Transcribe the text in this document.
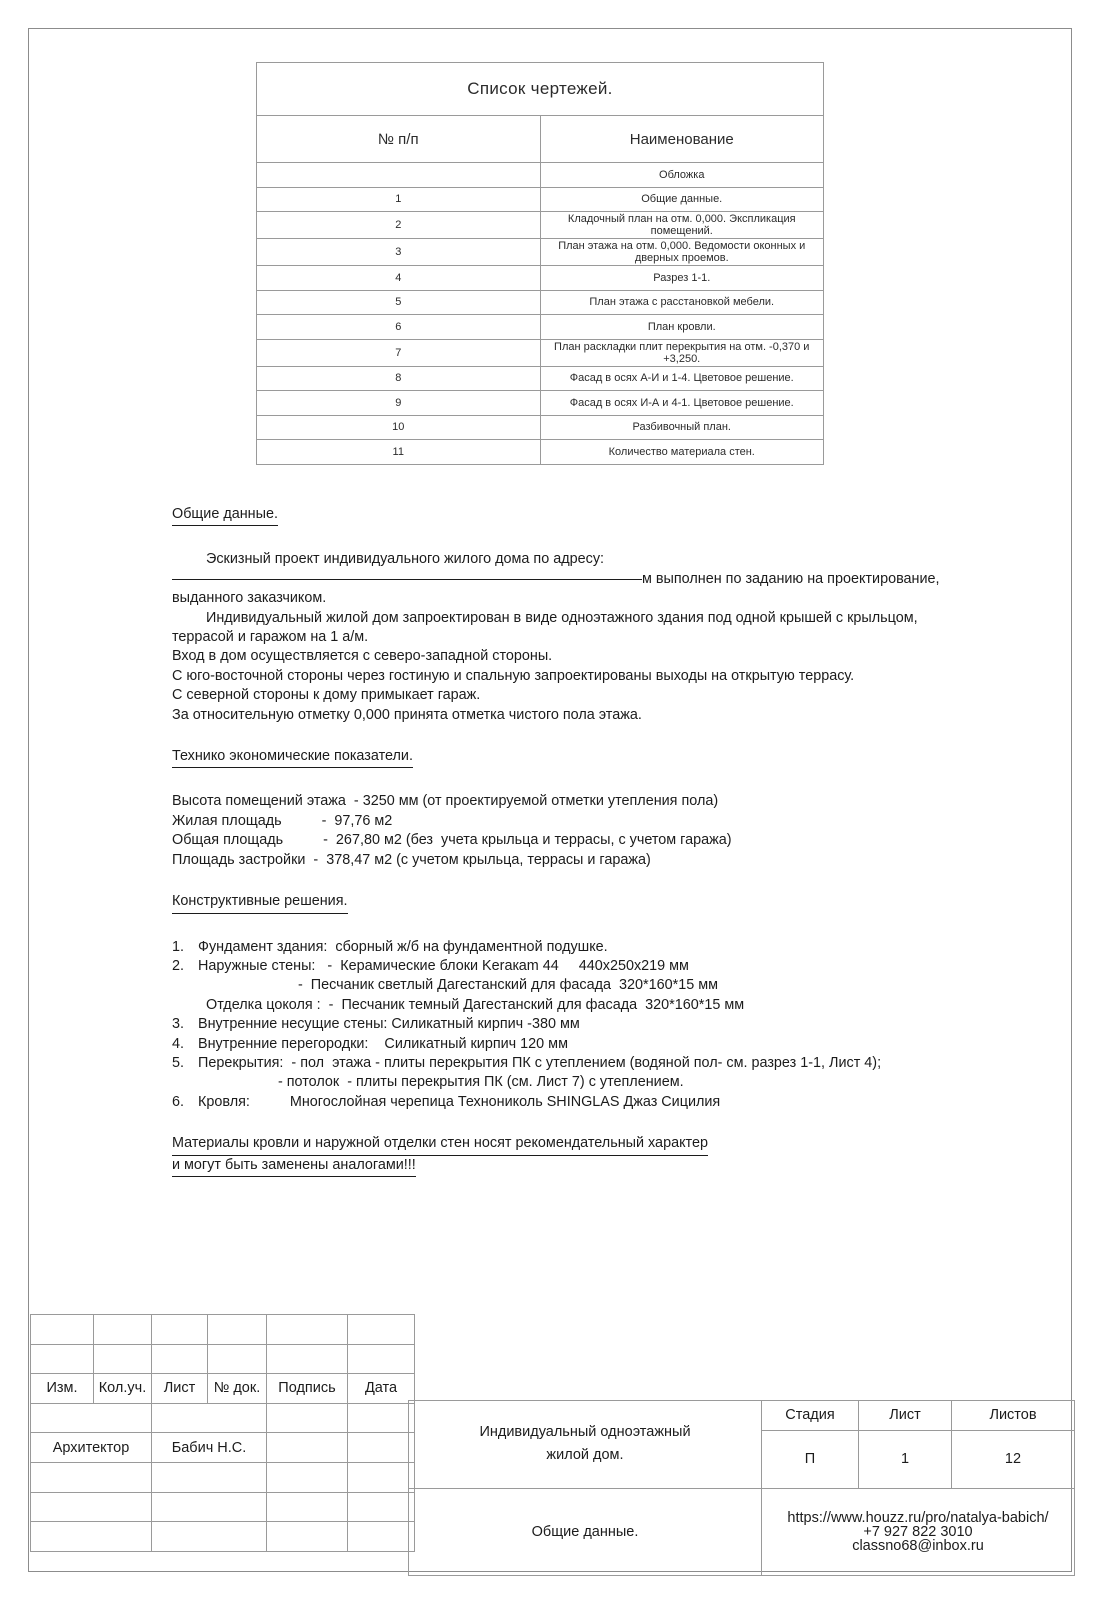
Список чертежей.	
№ п/п	Наименование
	Обложка
1	Общие данные.
2	Кладочный план на отм. 0,000. Экспликация помещений.
3	План этажа на отм. 0,000. Ведомости оконных и дверных проемов.
4	Разрез 1-1.
5	План этажа с расстановкой мебели.
6	План кровли.
7	План раскладки плит перекрытия на отм. -0,370 и +3,250.
8	Фасад в осях А-И и 1-4. Цветовое решение.
9	Фасад в осях И-А и 4-1. Цветовое решение.
10	Разбивочный план.
11	Количество материала стен.
Общие данные.
Эскизный проект индивидуального жилого дома по адресу:
м выполнен по заданию на проектирование,
выданного заказчиком.
Индивидуальный жилой дом запроектирован в виде одноэтажного здания под одной крышей с крыльцом,
террасой и гаражом на 1 а/м.
Вход в дом осуществляется с северо-западной стороны.
С юго-восточной стороны через гостиную и спальную запроектированы выходы на открытую террасу.
С северной стороны к дому примыкает гараж.
За относительную отметку 0,000 принята отметка чистого пола этажа.
Технико экономические показатели.
Высота помещений этажа  - 3250 мм (от проектируемой отметки утепления пола)
Жилая площадь          -  97,76 м2
Общая площадь          -  267,80 м2 (без  учета крыльца и террасы, с учетом гаража)
Площадь застройки  -  378,47 м2 (с учетом крыльца, террасы и гаража)
Конструктивные решения.
1. Фундамент здания:  сборный ж/б на фундаментной подушке.
2. Наружные стены:   -  Керамические блоки Keraкam 44     440x250x219 мм
-  Песчаник светлый Дагестанский для фасада  320*160*15 мм
Отделка цоколя :  -  Песчаник темный Дагестанский для фасада  320*160*15 мм
3. Внутренние несущие стены: Силикатный кирпич -380 мм
4. Внутренние перегородки:    Силикатный кирпич 120 мм
5. Перекрытия:  - пол  этажа - плиты перекрытия ПК с утеплением (водяной пол- см. разрез 1-1, Лист 4);
- потолок  - плиты перекрытия ПК (см. Лист 7) с утеплением.
6. Кровля:          Многослойная черепица Технониколь SHINGLAS Джаз Сицилия
Материалы кровли и наружной отделки стен носят рекомендательный характер
и могут быть заменены аналогами!!!

Изм.	Кол.уч.	Лист	№ док.	Подпись	Дата

Архитектор		Бабич Н.С.			

Индивидуальный одноэтажный
жилой дом.	Стадия	Лист	Листов
	П	1	12
Общие данные.	https://www.houzz.ru/pro/natalya-babich/
+7 927 822 3010
classno68@inbox.ru		
